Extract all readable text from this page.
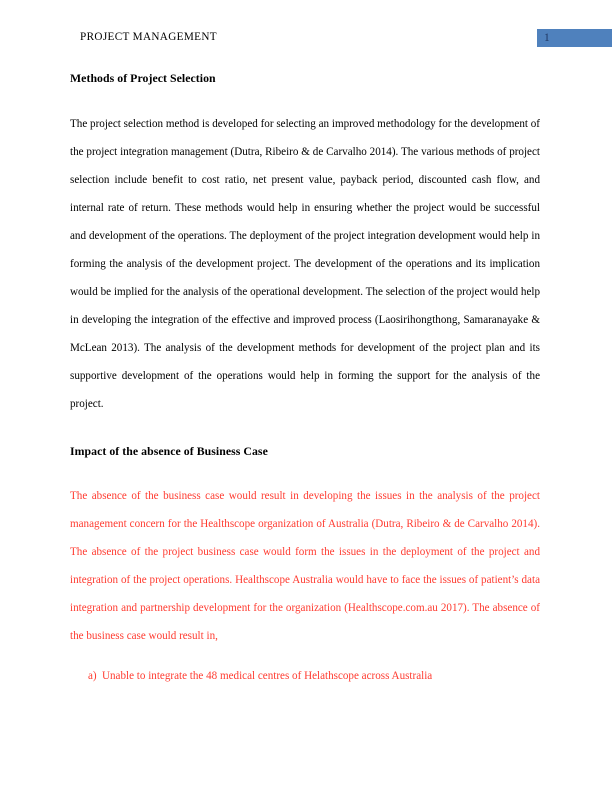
PROJECT MANAGEMENT	1
Methods of Project Selection

The project selection method is developed for selecting an improved methodology for the development of the project integration management (Dutra, Ribeiro & de Carvalho 2014). The various methods of project selection include benefit to cost ratio, net present value, payback period, discounted cash flow, and internal rate of return. These methods would help in ensuring whether the project would be successful and development of the operations. The deployment of the project integration development would help in forming the analysis of the development project. The development of the operations and its implication would be implied for the analysis of the operational development. The selection of the project would help in developing the integration of the effective and improved process (Laosirihongthong, Samaranayake & McLean 2013). The analysis of the development methods for development of the project plan and its supportive development of the operations would help in forming the support for the analysis of the project.

Impact of the absence of Business Case

The absence of the business case would result in developing the issues in the analysis of the project management concern for the Healthscope organization of Australia (Dutra, Ribeiro & de Carvalho 2014). The absence of the project business case would form the issues in the deployment of the project and integration of the project operations. Healthscope Australia would have to face the issues of patient’s data integration and partnership development for the organization (Healthscope.com.au 2017). The absence of the business case would result in,

a) Unable to integrate the 48 medical centres of Helathscope across Australia
